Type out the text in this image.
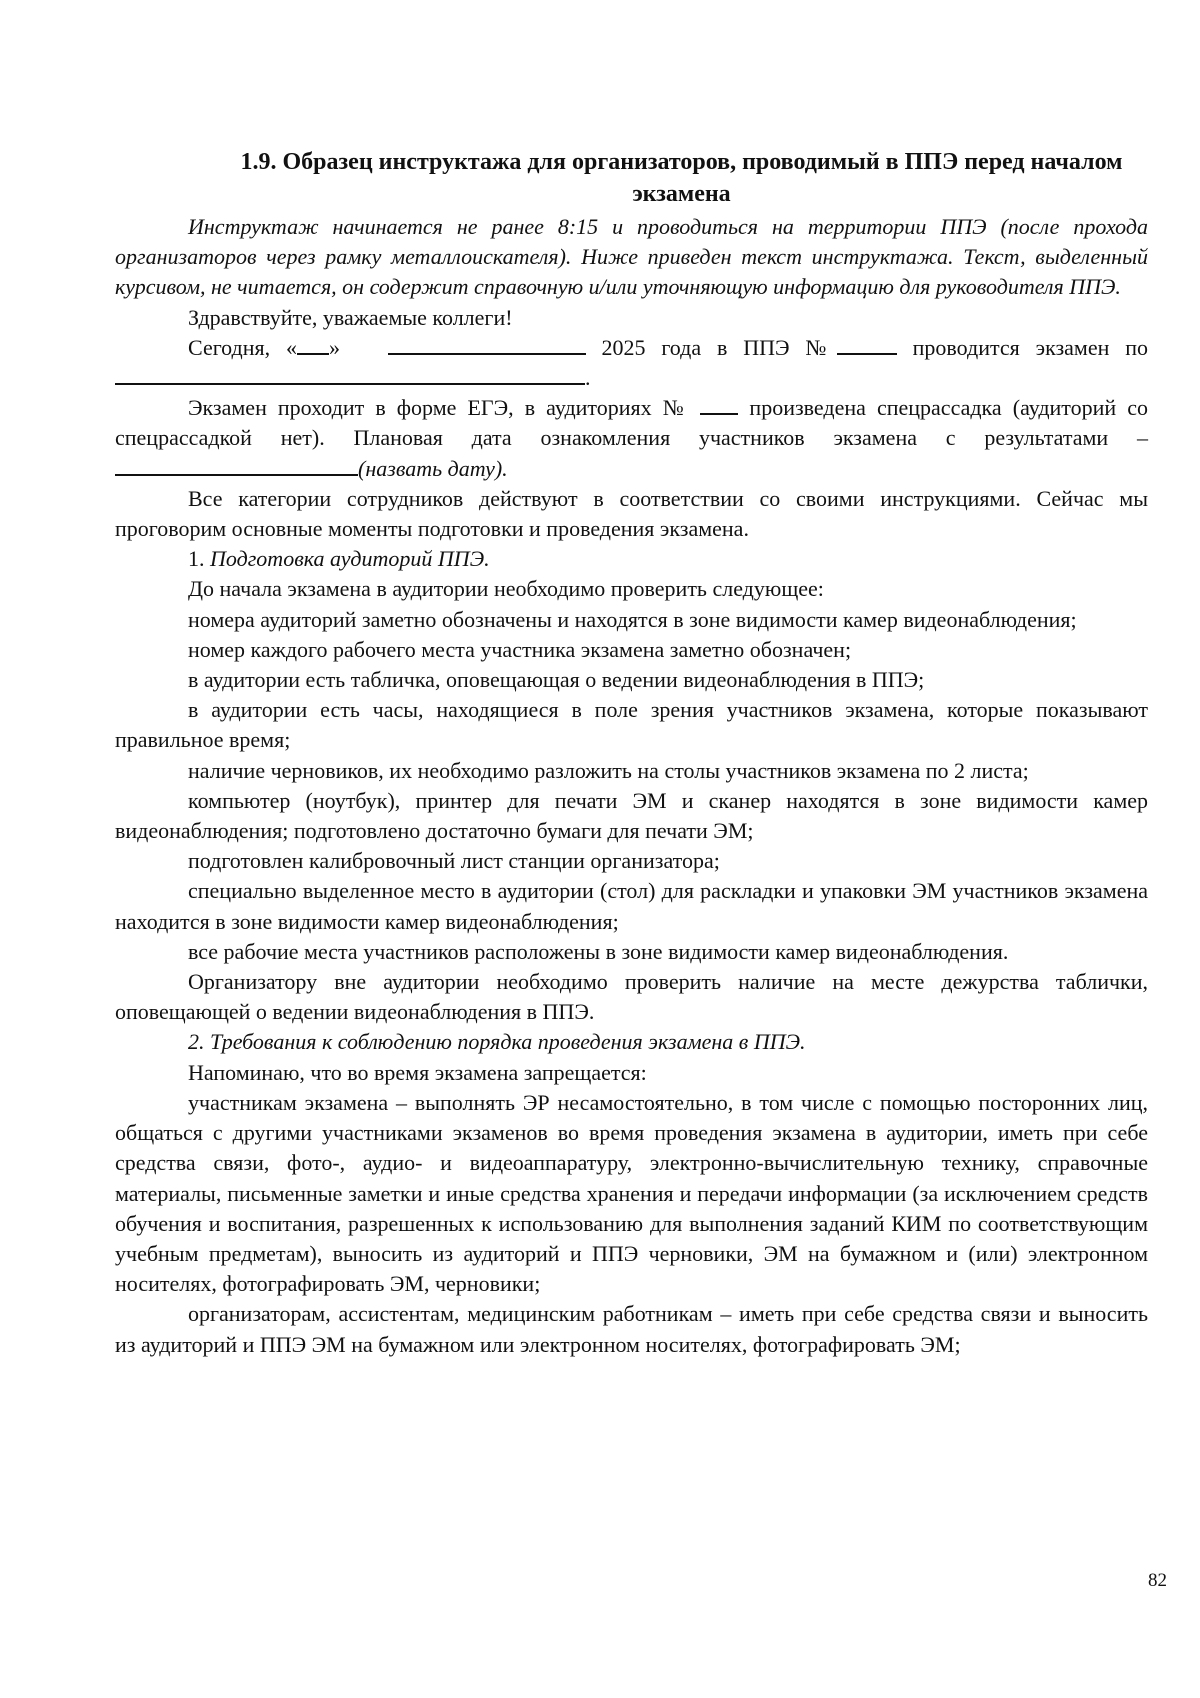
1.9. Образец инструктажа для организаторов, проводимый в ППЭ перед началом экзамена

Инструктаж начинается не ранее 8:15 и проводиться на территории ППЭ (после прохода организаторов через рамку металлоискателя). Ниже приведен текст инструктажа. Текст, выделенный курсивом, не читается, он содержит справочную и/или уточняющую информацию для руководителя ППЭ.

Здравствуйте, уважаемые коллеги!

Сегодня, « »	2025 года в ППЭ №	проводится экзамен по .

Экзамен проходит в форме ЕГЭ, в аудиториях №	произведена спецрассадка (аудиторий со спецрассадкой нет). Плановая дата ознакомления участников экзамена с результатами – (назвать дату).

Все категории сотрудников действуют в соответствии со своими инструкциями. Сейчас мы проговорим основные моменты подготовки и проведения экзамена.

1. Подготовка аудиторий ППЭ.

До начала экзамена в аудитории необходимо проверить следующее:

номера аудиторий заметно обозначены и находятся в зоне видимости камер видеонаблюдения;

номер каждого рабочего места участника экзамена заметно обозначен;

в аудитории есть табличка, оповещающая о ведении видеонаблюдения в ППЭ;

в аудитории есть часы, находящиеся в поле зрения участников экзамена, которые показывают правильное время;

наличие черновиков, их необходимо разложить на столы участников экзамена по 2 листа;

компьютер (ноутбук), принтер для печати ЭМ и сканер находятся в зоне видимости камер видеонаблюдения; подготовлено достаточно бумаги для печати ЭМ;

подготовлен калибровочный лист станции организатора;

специально выделенное место в аудитории (стол) для раскладки и упаковки ЭМ участников экзамена находится в зоне видимости камер видеонаблюдения;

все рабочие места участников расположены в зоне видимости камер видеонаблюдения.

Организатору вне аудитории необходимо проверить наличие на месте дежурства таблички, оповещающей о ведении видеонаблюдения в ППЭ.

2. Требования к соблюдению порядка проведения экзамена в ППЭ.

Напоминаю, что во время экзамена запрещается:

участникам экзамена – выполнять ЭР несамостоятельно, в том числе с помощью посторонних лиц, общаться с другими участниками экзаменов во время проведения экзамена в аудитории, иметь при себе средства связи, фото-, аудио- и видеоаппаратуру, электронно-вычислительную технику, справочные материалы, письменные заметки и иные средства хранения и передачи информации (за исключением средств обучения и воспитания, разрешенных к использованию для выполнения заданий КИМ по соответствующим учебным предметам), выносить из аудиторий и ППЭ черновики, ЭМ на бумажном и (или) электронном носителях, фотографировать ЭМ, черновики;

организаторам, ассистентам, медицинским работникам – иметь при себе средства связи и выносить из аудиторий и ППЭ ЭМ на бумажном или электронном носителях, фотографировать ЭМ;

82
